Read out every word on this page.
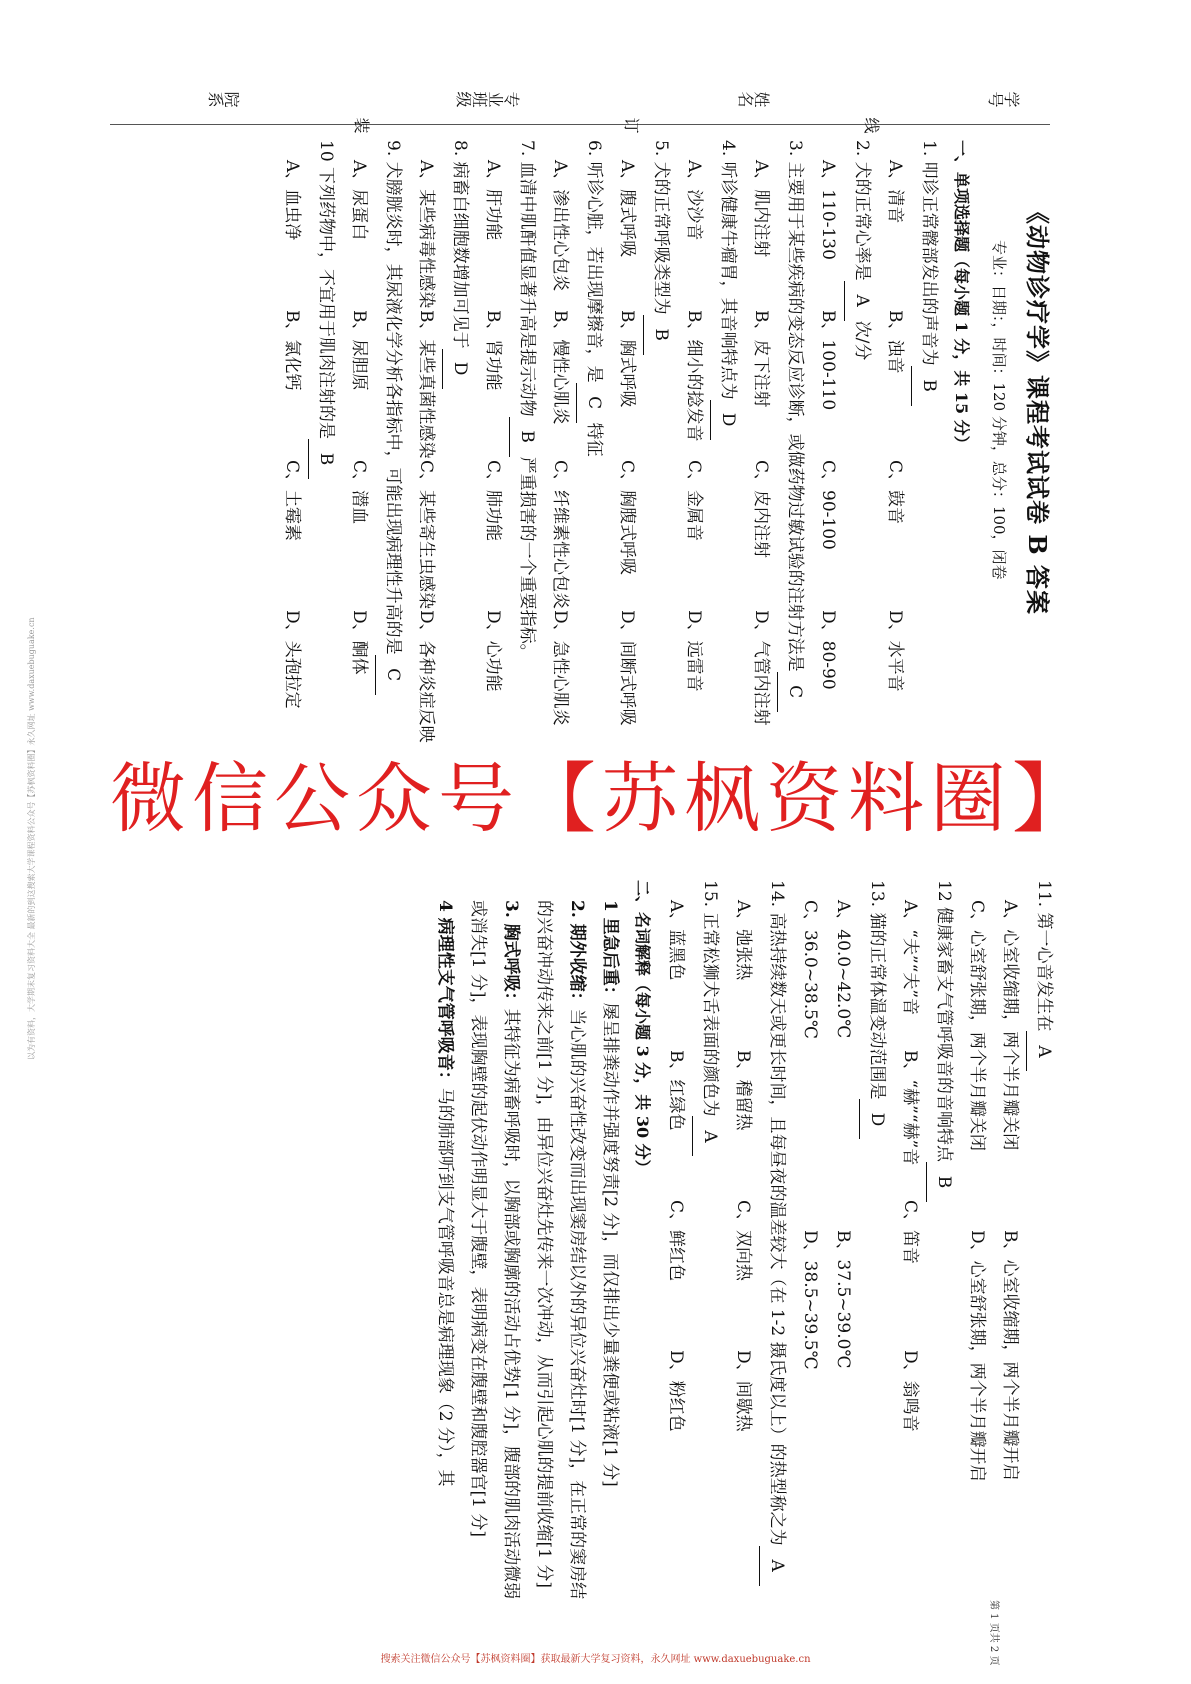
以为有资料，大学期末复习资料大全 最新的到这搜索大学课程资料公众号【苏枫资料圈】永久网址 www.daxuebuguake.cn
学号
姓名
专业班级
院系
线
订
装
《动物诊疗学》课程考试试卷 B 答案
专业：日期：，时间：120 分钟，总分：100，闭卷
一、单项选择题（每小题 1 分，共 15 分）
1. 叩诊正常髂部发出的声音为B
A、清音B、浊音C、鼓音D、水平音
2. 犬的正常心率是A次/分
A、110-130B、100-110C、90-100D、80-90
3. 主要用于某些疾病的变态反应诊断，或做药物过敏试验的注射方法是C
A、肌内注射B、皮下注射C、皮内注射D、气管内注射
4. 听诊健康牛瘤胃，其音响特点为D
A、沙沙音B、细小的捻发音C、金属音D、远雷音
5. 犬的正常呼吸类型为B
A、腹式呼吸B、胸式呼吸C、胸腹式呼吸D、间断式呼吸
6. 听诊心脏，若出现摩擦音，是C特征
A、渗出性心包炎B、慢性心肌炎C、纤维素性心包炎D、急性心肌炎
7. 血清中肌酐值显著升高是提示动物B严重损害的一个重要指标。
A、肝功能B、肾功能C、肺功能D、心功能
8. 病畜白细胞数增加可见于D
A、某些病毒性感染B、某些真菌性感染C、某些寄生虫感染D、各种炎症反映
9. 犬膀胱炎时，其尿液化学分析各指标中，可能出现病理性升高的是C
A、尿蛋白B、尿胆原C、潜血D、酮体
10 下列药物中，不宜用于肌肉注射的是B
A、血虫净B、氯化钙C、土霉素D、头孢拉定
11. 第一心音发生在A
A、心室收缩期，两个半月瓣关闭B、心室收缩期，两个半月瓣开启
C、心室舒张期，两个半月瓣关闭D、心室舒张期，两个半月瓣开启
12 健康家畜支气管呼吸音的音响特点B
A、“夫”“夫”音B、“赫”“赫”音C、笛音D、翁鸣音
13. 猫的正常体温变动范围是D
A、40.0~42.0℃B、37.5~39.0℃
C、36.0~38.5℃D、38.5~39.5℃
14. 高热持续数天或更长时间，且每昼夜的温差较大（在 1-2 摄氏度以上）的热型称之为A
A、弛张热B、稽留热C、双向热D、间歇热
15. 正常松狮犬舌表面的颜色为A
A、蓝黑色B、红绿色C、鲜红色D、粉红色
二、名词解释（每小题 3 分，共 30 分）
1 里急后重：屡呈排粪动作并强度努责[2 分]，而仅排出少量粪便或粘液[1 分]
2. 期外收缩：当心肌的兴奋性改变而出现窦房结以外的异位兴奋灶时[1 分]，在正常的窦房结的兴奋冲动传来之前[1 分]，由异位兴奋灶先传来一次冲动，从而引起心肌的提前收缩[1 分]
3. 胸式呼吸：其特征为病畜呼吸时，以胸部或胸廓的活动占优势[1 分]，腹部的肌肉活动微弱或消失[1 分]，表现胸壁的起伏动作明显大于腹壁，表明病变在腹壁和腹腔器官[1 分]
4 病理性支气管呼吸音：马的肺部听到支气管呼吸音总是病理现象（2 分），其
第 1 页共 2 页
微信公众号【苏枫资料圈】
搜索关注微信公众号【苏枫资料圈】获取最新大学复习资料，永久网址 www.daxuebuguake.cn
